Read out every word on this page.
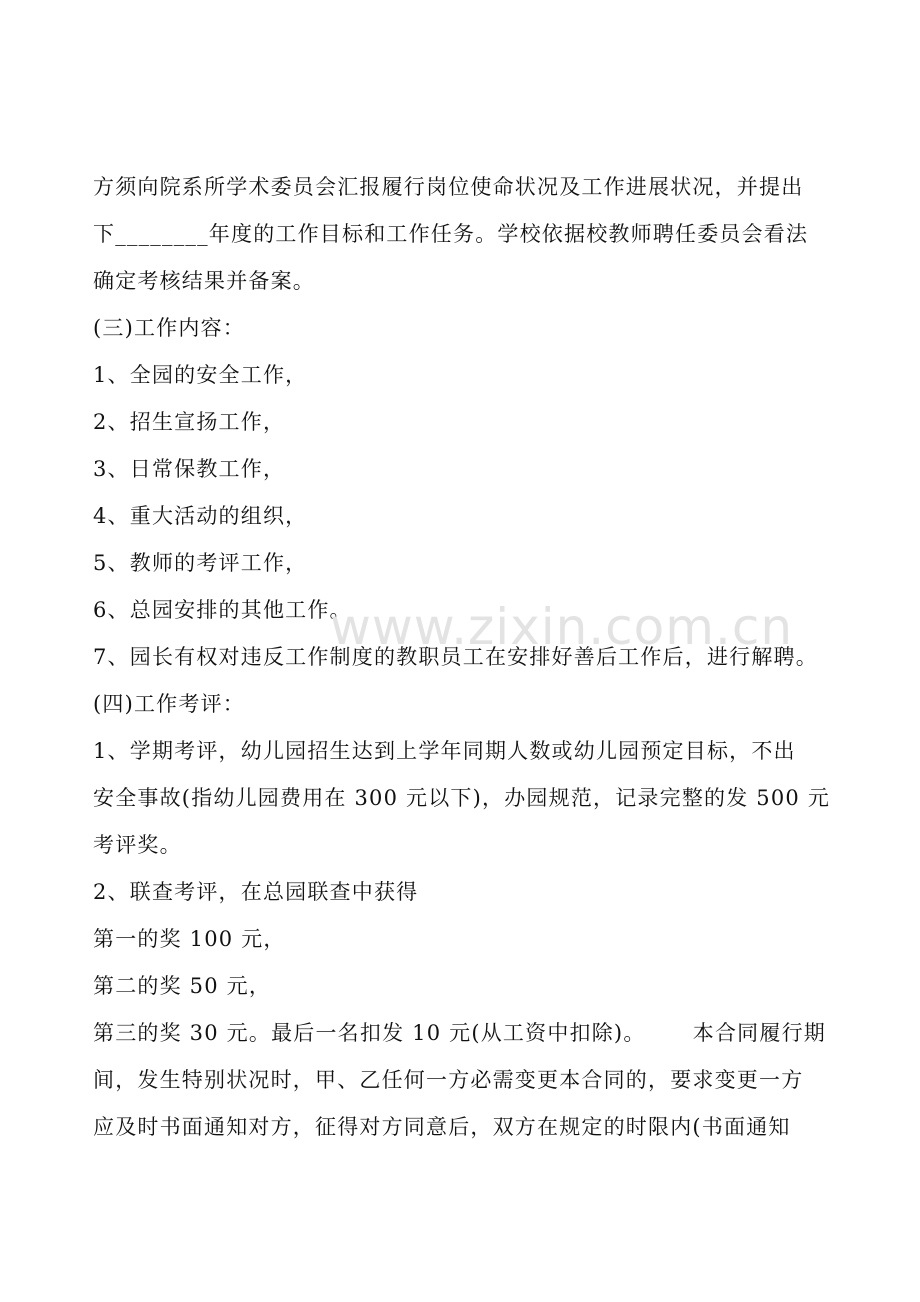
方须向院系所学术委员会汇报履行岗位使命状况及工作进展状况，并提出
下________年度的工作目标和工作任务。学校依据校教师聘任委员会看法
确定考核结果并备案。
(三)工作内容：
1、全园的安全工作，
2、招生宣扬工作，
3、日常保教工作，
4、重大活动的组织，
5、教师的考评工作，
6、总园安排的其他工作。
7、园长有权对违反工作制度的教职员工在安排好善后工作后，进行解聘。
(四)工作考评：
1、学期考评，幼儿园招生达到上学年同期人数或幼儿园预定目标，不出
安全事故(指幼儿园费用在 300 元以下)，办园规范，记录完整的发 500 元
考评奖。
2、联查考评，在总园联查中获得
第一的奖 100 元，
第二的奖 50 元，
第三的奖 30 元。最后一名扣发 10 元(从工资中扣除)。      本合同履行期
间，发生特别状况时，甲、乙任何一方必需变更本合同的，要求变更一方
应及时书面通知对方，征得对方同意后，双方在规定的时限内(书面通知
www.zixin.com.cn
